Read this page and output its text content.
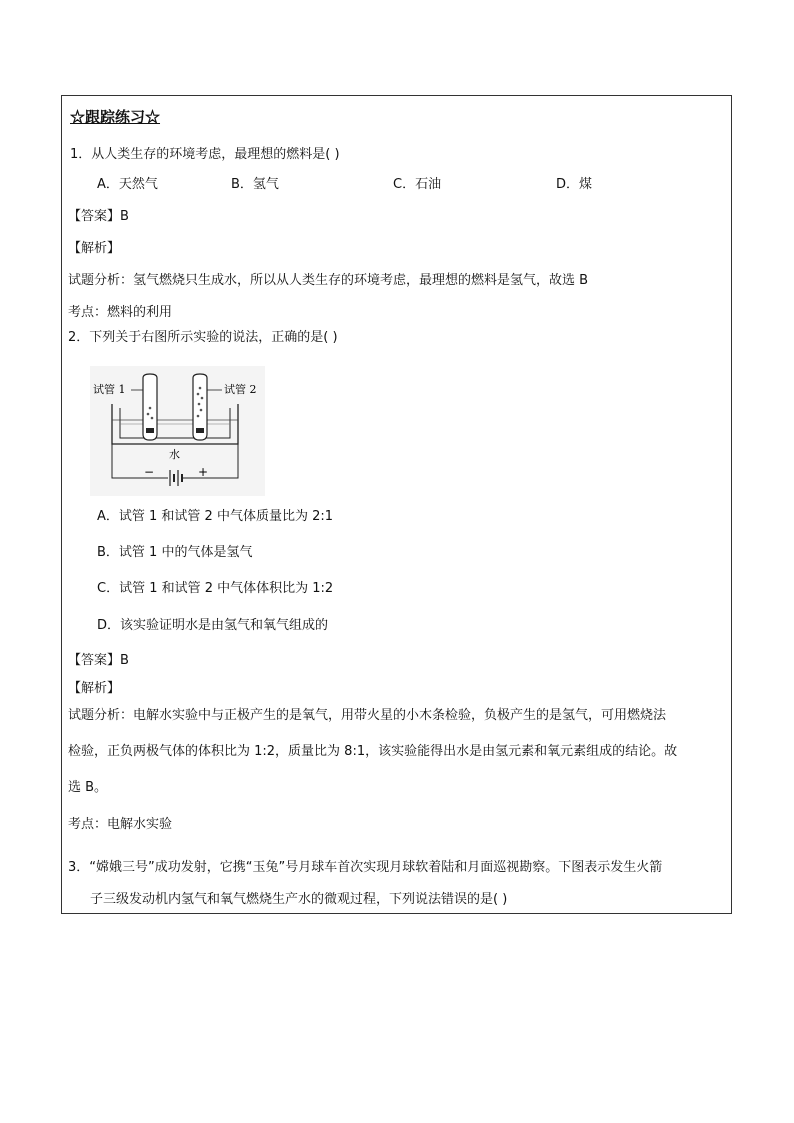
☆跟踪练习☆
1．从人类生存的环境考虑，最理想的燃料是( )
A．天然气	B．氢气	C．石油	D．煤
【答案】B
【解析】
试题分析：氢气燃烧只生成水，所以从人类生存的环境考虑，最理想的燃料是氢气，故选 B
考点：燃料的利用
2．下列关于右图所示实验的说法，正确的是( )
试管 1	试管 2
水
−	+
A．试管 1 和试管 2 中气体质量比为 2:1
B．试管 1 中的气体是氢气
C．试管 1 和试管 2 中气体体积比为 1:2
D．该实验证明水是由氢气和氧气组成的
【答案】B
【解析】
试题分析：电解水实验中与正极产生的是氧气，用带火星的小木条检验，负极产生的是氢气，可用燃烧法
检验，正负两极气体的体积比为 1:2，质量比为 8:1，该实验能得出水是由氢元素和氧元素组成的结论。故
选 B。
考点：电解水实验
3．“嫦娥三号”成功发射，它携“玉兔”号月球车首次实现月球软着陆和月面巡视勘察。下图表示发生火箭
子三级发动机内氢气和氧气燃烧生产水的微观过程，下列说法错误的是( )
